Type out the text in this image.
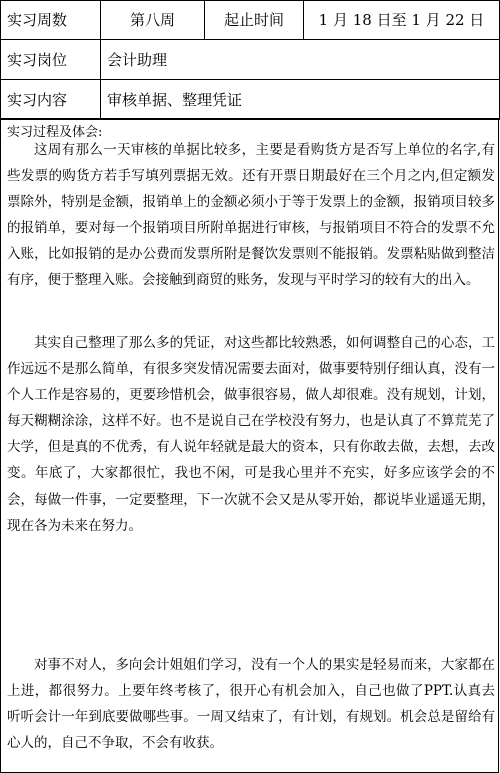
实习周数	第八周	起止时间	1 月 18 日至 1 月 22 日
实习岗位	会计助理		
实习内容	审核单据、整理凭证		
实习过程及体会:

这周有那么一天审核的单据比较多，主要是看购货方是否写上单位的名字,有些发票的购货方若手写填列票据无效。还有开票日期最好在三个月之内,但定额发票除外，特别是金额，报销单上的金额必须小于等于发票上的金额，报销项目较多的报销单，要对每一个报销项目所附单据进行审核，与报销项目不符合的发票不允入账，比如报销的是办公费而发票所附是餐饮发票则不能报销。发票粘贴做到整洁有序，便于整理入账。会接触到商贸的账务，发现与平时学习的较有大的出入。

其实自己整理了那么多的凭证，对这些都比较熟悉，如何调整自己的心态，工作远远不是那么简单，有很多突发情况需要去面对，做事要特别仔细认真，没有一个人工作是容易的，更要珍惜机会，做事很容易，做人却很难。没有规划，计划，每天糊糊涂涂，这样不好。也不是说自己在学校没有努力，也是认真了不算荒芜了大学，但是真的不优秀，有人说年轻就是最大的资本，只有你敢去做，去想，去改变。年底了，大家都很忙，我也不闲，可是我心里并不充实，好多应该学会的不会，每做一件事，一定要整理，下一次就不会又是从零开始，都说毕业遥遥无期，现在各为未来在努力。

对事不对人，多向会计姐姐们学习，没有一个人的果实是轻易而来，大家都在上进，都很努力。上要年终考核了，很开心有机会加入，自己也做了PPT.认真去听听会计一年到底要做哪些事。一周又结束了，有计划，有规划。机会总是留给有心人的，自己不争取，不会有收获。
